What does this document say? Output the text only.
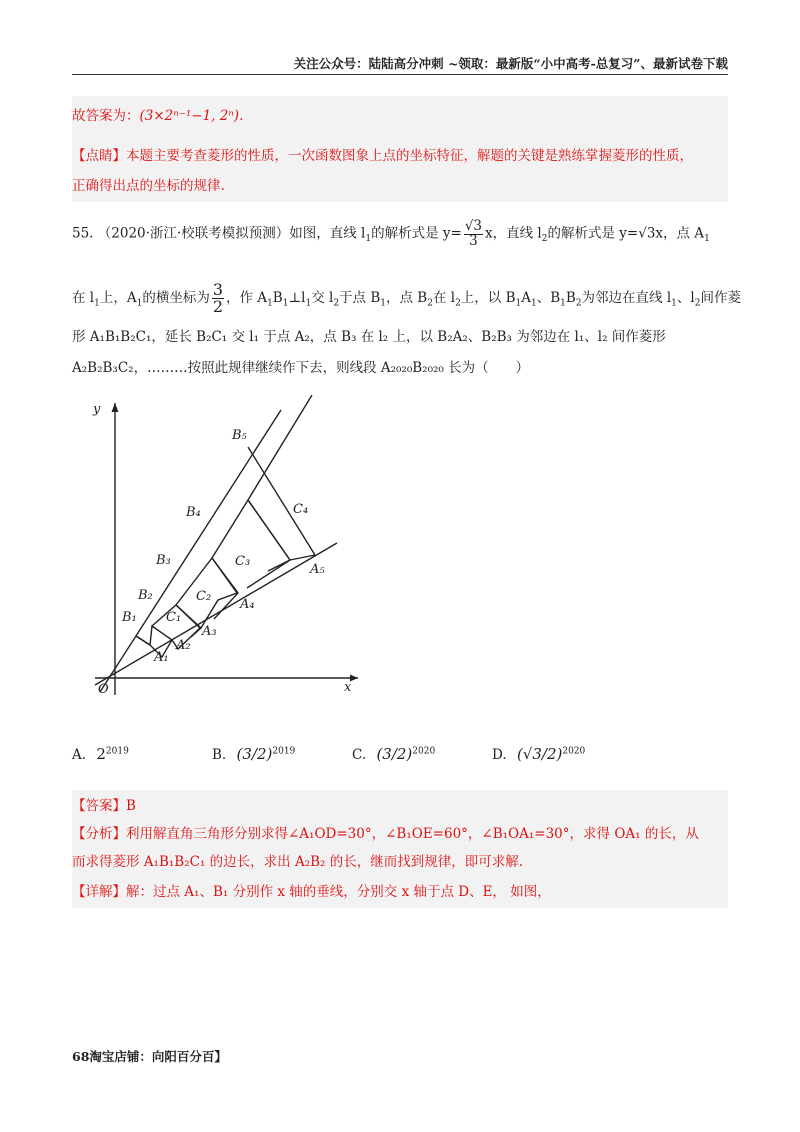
关注公众号：陆陆高分冲刺 ~领取：最新版“小中高考-总复习”、最新试卷下载
故答案为：(3×2ⁿ⁻¹−1, 2ⁿ).
【点睛】本题主要考查菱形的性质，一次函数图象上点的坐标特征，解题的关键是熟练掌握菱形的性质，
正确得出点的坐标的规律.
55. （2020·浙江·校联考模拟预测）如图，直线 $l_1$的解析式是 $y= \frac{√3}{3}$ x，直线 $l_2$的解析式是 y=√3x，点 $A_1$
在 $l_1$上，$A_1$的横坐标为 $\frac{3}{2}$ ，作 $A_1B_1\perp l_1$交 $l_2$于点 $B_1$，点 $B_2$在 $l_2$上，以 $B_1A_1$、$B_1B_2$为邻边在直线 $l_1$、$l_2$间作菱
形 A₁B₁B₂C₁，延长 B₂C₁ 交 l₁ 于点 A₂，点 B₃ 在 l₂ 上，以 B₂A₂、B₂B₃ 为邻边在 l₁、l₂ 间作菱形
A₂B₂B₃C₂，………按照此规律继续作下去，则线段 A₂₀₂₀B₂₀₂₀ 长为（　　）
O	x
y
B₅
B₄	C₄
B₃	C₃
A₅
B₂	C₂
A₄
B₁ C₁
A₃
A₂
A₁
A. $2^{2019}$	B. $(3/2)^{2019}$	C. $(3/2)^{2020}$	D. $(√3/2)^{2020}$
【答案】B
【分析】利用解直角三角形分别求得∠A₁OD=30°，∠B₁OE=60°，∠B₁OA₁=30°，求得 OA₁ 的长，从
而求得菱形 A₁B₁B₂C₁ 的边长，求出 A₂B₂ 的长，继而找到规律，即可求解.
【详解】解：过点 A₁、B₁ 分别作 x 轴的垂线，分别交 x 轴于点 D、E， 如图，
68淘宝店铺：向阳百分百】
